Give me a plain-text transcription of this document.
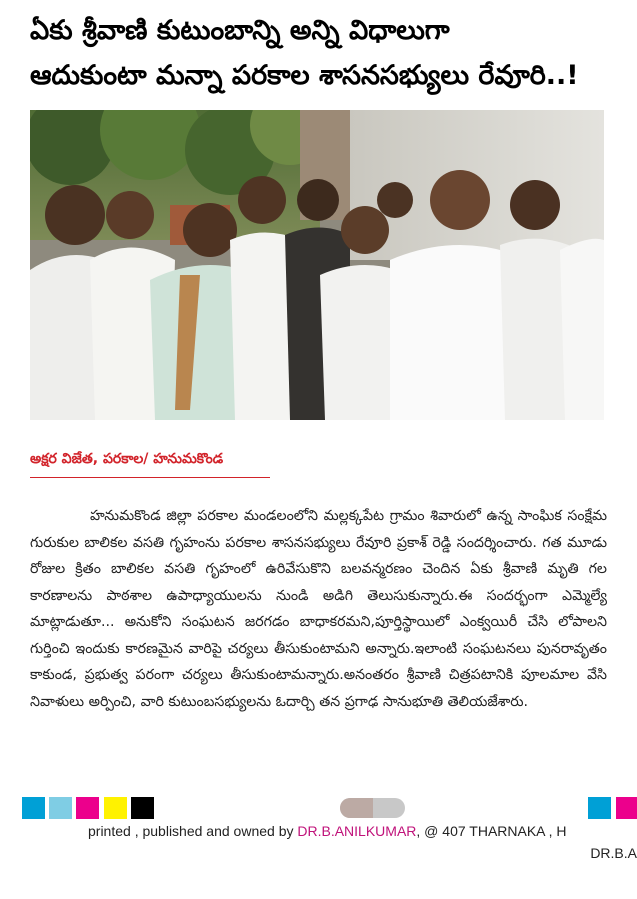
ఏకు శ్రీవాణి కుటుంబాన్ని అన్ని విధాలుగా
ఆదుకుంటా మన్నా పరకాల శాసనసభ్యులు రేవూరి..!

అక్షర విజేత, పరకాల/ హనుమకొండ

హనుమకొండ జిల్లా పరకాల మండలంలోని మల్లక్కపేట గ్రామం శివారులో ఉన్న సాంఘిక సంక్షేమ గురుకుల బాలికల వసతి గృహంను పరకాల శాసనసభ్యులు రేవూరి ప్రకాశ్ రెడ్డి సందర్శించారు. గత మూడు రోజుల క్రితం బాలికల వసతి గృహంలో ఉరివేసుకొని బలవన్మరణం చెందిన ఏకు శ్రీవాణి మృతి గల కారణాలను పాఠశాల ఉపాధ్యాయులను నుండి అడిగి తెలుసుకున్నారు.ఈ సందర్భంగా ఎమ్మెల్యే మాట్లాడుతూ... అనుకోని సంఘటన జరగడం బాధాకరమని,పూర్తిస్థాయిలో ఎంక్వయిరీ చేసి లోపాలని గుర్తించి ఇందుకు కారణమైన వారిపై చర్యలు తీసుకుంటామని అన్నారు.ఇలాంటి సంఘటనలు పునరావృతం కాకుండ, ప్రభుత్వ పరంగా చర్యలు తీసుకుంటామన్నారు.అనంతరం శ్రీవాణి చిత్రపటానికి పూలమాల వేసి నివాళులు అర్పించి, వారి కుటుంబసభ్యులను ఓదార్చి తన ప్రగాఢ సానుభూతి తెలియజేశారు.

printed , published and owned by DR.B.ANILKUMAR, @ 407 THARNAKA , H

DR.B.A
